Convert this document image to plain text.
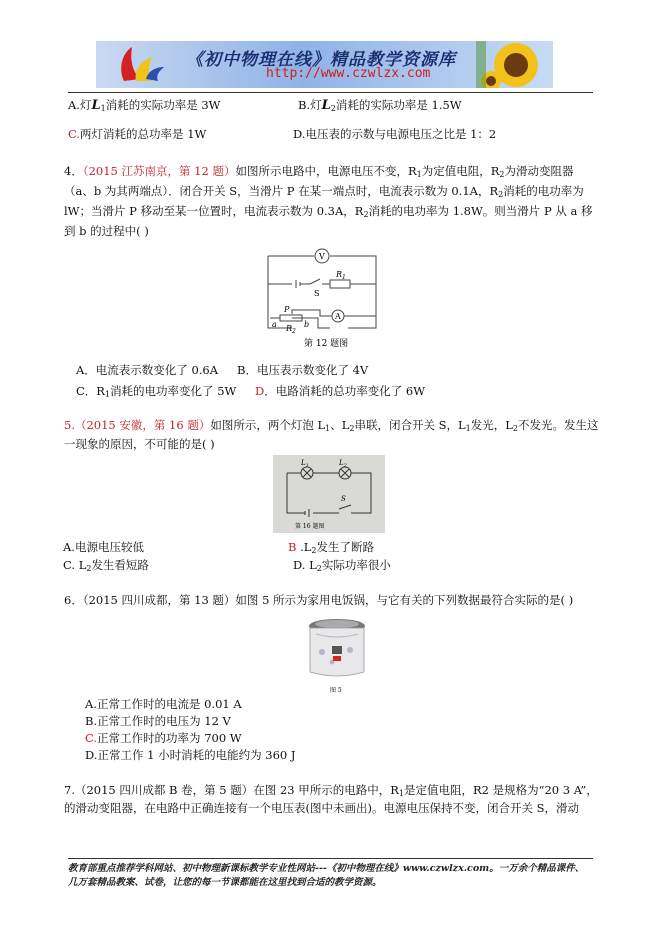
《初中物理在线》精品教学资源库
http://www.czwlzx.com
A.灯$L_1$消耗的实际功率是 3W	B.灯$L_2$消耗的实际功率是 1.5W
C.两灯消耗的总功率是 1W	D.电压表的示数与电源电压之比是 1：2
4．（2015 江苏南京，第 12 题）如图所示电路中，电源电压不变，$R_1$为定值电阻，$R_2$为滑动变阻器
（a、b 为其两端点）．闭合开关 S，当滑片 P 在某一端点时，电流表示数为 0.1A，$R_2$消耗的电功率为
lW；当滑片 P 移动至某一位置时，电流表示数为 0.3A，$R_2$消耗的电功率为 1.8W。则当滑片 P 从 a 移
到 b 的过程中( )
V
A
$R_1$
S
P
a	b
$R_2$
第 12 题图
A．电流表示数变化了 0.6A B．电压表示数变化了 4V
C．$R_1$消耗的电功率变化了 5W D．电路消耗的总功率变化了 6W
5.（2015 安徽，第 16 题）如图所示，两个灯泡 $L_1$、$L_2$串联，闭合开关 S，$L_1$发光，$L_2$不发光。发生这
一现象的原因，不可能的是( )
$L_1$	$L_2$
S
第 16 题图
A.电源电压较低	B $.L_2$发生了断路
C. $L_2$发生看短路	D. $L_2$实际功率很小
6．（2015 四川成都，第 13 题）如图 5 所示为家用电饭锅，与它有关的下列数据最符合实际的是( )
图 5
A.正常工作时的电流是 0.01 A
B.正常工作时的电压为 12 V
C.正常工作时的功率为 700 W
D.正常工作 1 小时消耗的电能约为 360 J
7.（2015 四川成都 B 卷，第 5 题）在图 23 甲所示的电路中，$R_1$是定值电阻，R2 是规格为“20 3 A”，
的滑动变阻器，在电路中正确连接有一个电压表(图中未画出)。电源电压保持不变，闭合开关 S，滑动
教育部重点推荐学科网站、初中物理新课标教学专业性网站---《初中物理在线》www.czwlzx.com。一万余个精品课件、
几万套精品教案、试卷，让您的每一节课都能在这里找到合适的教学资源。
